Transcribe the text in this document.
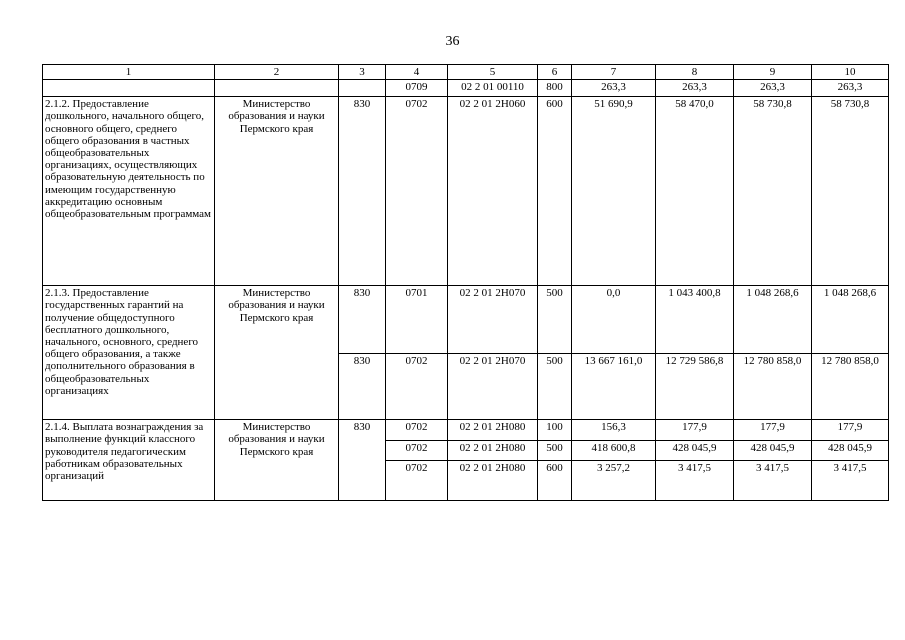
36
1	2	3	4	5	6	7	8	9	10
			0709	02 2 01 00110	800	263,3	263,3	263,3	263,3
2.1.2. Предоставление дошкольного, начального общего, основного общего, среднего общего образования в частных общеобразовательных организациях, осуществляющих образовательную деятельность по имеющим государственную аккредитацию основным общеобразовательным программам	Министерство образования и науки Пермского края	830	0702	02 2 01 2Н060	600	51 690,9	58 470,0	58 730,8	58 730,8
2.1.3. Предоставление государственных гарантий на получение общедоступного бесплатного дошкольного, начального, основного, среднего общего образования, а также дополнительного образования в общеобразовательных организациях	Министерство образования и науки Пермского края	830	0701	02 2 01 2Н070	500	0,0	1 043 400,8	1 048 268,6	1 048 268,6
		830	0702	02 2 01 2Н070	500	13 667 161,0	12 729 586,8	12 780 858,0	12 780 858,0
2.1.4. Выплата вознаграждения за выполнение функций классного руководителя педагогическим работникам образовательных организаций	Министерство образования и науки Пермского края	830	0702	02 2 01 2Н080	100	156,3	177,9	177,9	177,9
			0702	02 2 01 2Н080	500	418 600,8	428 045,9	428 045,9	428 045,9
			0702	02 2 01 2Н080	600	3 257,2	3 417,5	3 417,5	3 417,5
